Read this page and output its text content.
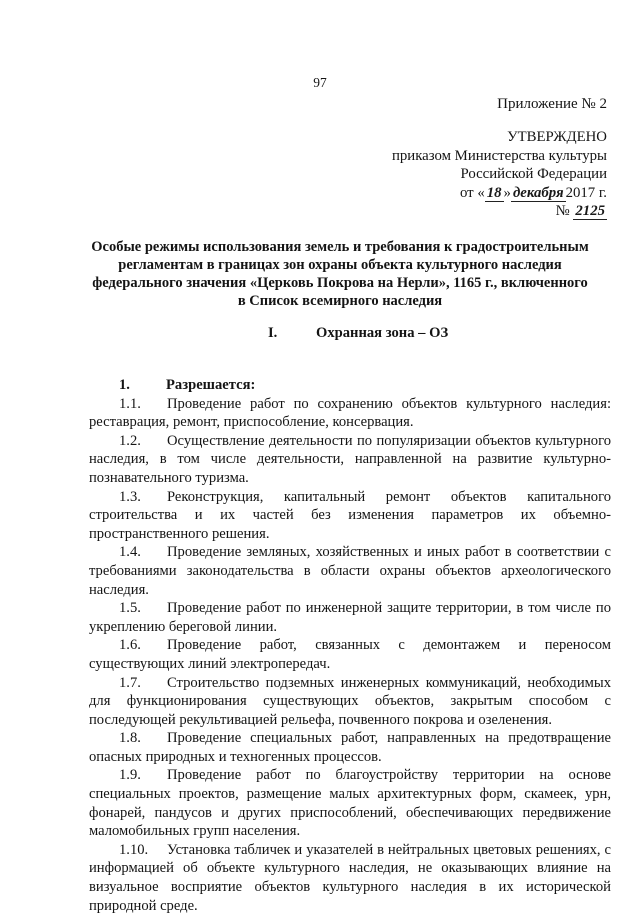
97
Приложение № 2
УТВЕРЖДЕНО
приказом Министерства культуры
Российской Федерации
от « 18 » декабря 2017 г.
№ 2125
Особые режимы использования земель и требования к градостроительным регламентам в границах зон охраны объекта культурного наследия федерального значения «Церковь Покрова на Нерли», 1165 г., включенного в Список всемирного наследия
I.	Охранная зона – ОЗ
1. Разрешается:
1.1. Проведение работ по сохранению объектов культурного наследия: реставрация, ремонт, приспособление, консервация.
1.2. Осуществление деятельности по популяризации объектов культурного наследия, в том числе деятельности, направленной на развитие культурно-познавательного туризма.
1.3. Реконструкция, капитальный ремонт объектов капитального строительства и их частей без изменения параметров их объемно-пространственного решения.
1.4. Проведение земляных, хозяйственных и иных работ в соответствии с требованиями законодательства в области охраны объектов археологического наследия.
1.5. Проведение работ по инженерной защите территории, в том числе по укреплению береговой линии.
1.6. Проведение работ, связанных с демонтажем и переносом существующих линий электропередач.
1.7. Строительство подземных инженерных коммуникаций, необходимых для функционирования существующих объектов, закрытым способом с последующей рекультивацией рельефа, почвенного покрова и озеленения.
1.8. Проведение специальных работ, направленных на предотвращение опасных природных и техногенных процессов.
1.9. Проведение работ по благоустройству территории на основе специальных проектов, размещение малых архитектурных форм, скамеек, урн, фонарей, пандусов и других приспособлений, обеспечивающих передвижение маломобильных групп населения.
1.10. Установка табличек и указателей в нейтральных цветовых решениях, с информацией об объекте культурного наследия, не оказывающих влияние на визуальное восприятие объектов культурного наследия в их исторической природной среде.
